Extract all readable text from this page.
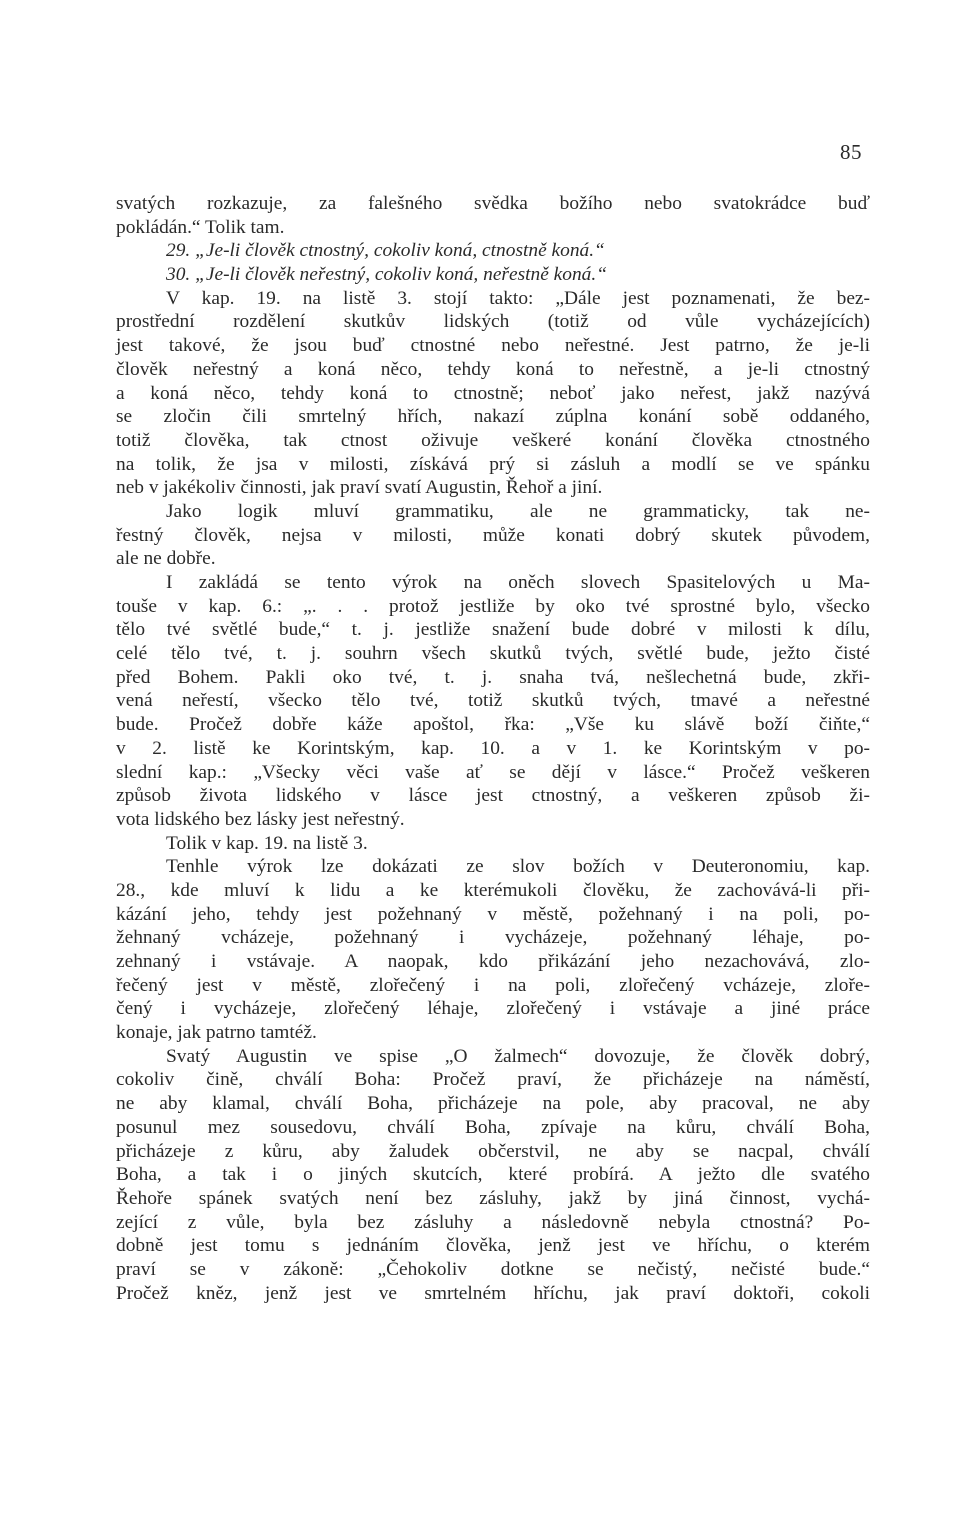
85
svatých rozkazuje, za falešného svědka božího nebo svatokrádce buď
pokládán.“ Tolik tam.
29. „Je-li člověk ctnostný, cokoliv koná, ctnostně koná.“
30. „Je-li člověk neřestný, cokoliv koná, neřestně koná.“
V kap. 19. na listě 3. stojí takto: „Dále jest poznamenati, že bez-
prostřední rozdělení skutkův lidských (totiž od vůle vycházejících)
jest takové, že jsou buď ctnostné nebo neřestné. Jest patrno, že je-li
člověk neřestný a koná něco, tehdy koná to neřestně, a je-li ctnostný
a koná něco, tehdy koná to ctnostně; neboť jako neřest, jakž nazývá
se zločin čili smrtelný hřích, nakazí zúplna konání sobě oddaného,
totiž člověka, tak ctnost oživuje veškeré konání člověka ctnostného
na tolik, že jsa v milosti, získává prý si zásluh a modlí se ve spánku
neb v jakékoliv činnosti, jak praví svatí Augustin, Řehoř a jiní.
Jako logik mluví grammatiku, ale ne grammaticky, tak ne-
řestný člověk, nejsa v milosti, může konati dobrý skutek původem,
ale ne dobře.
I zakládá se tento výrok na oněch slovech Spasitelových u Ma-
touše v kap. 6.: „. . . protož jestliže by oko tvé sprostné bylo, všecko
tělo tvé světlé bude,“ t. j. jestliže snažení bude dobré v milosti k dílu,
celé tělo tvé, t. j. souhrn všech skutků tvých, světlé bude, ježto čisté
před Bohem. Pakli oko tvé, t. j. snaha tvá, nešlechetná bude, zkři-
vená neřestí, všecko tělo tvé, totiž skutků tvých, tmavé a neřestné
bude. Pročež dobře káže apoštol, řka: „Vše ku slávě boží čiňte,“
v 2. listě ke Korintským, kap. 10. a v 1. ke Korintským v po-
slední kap.: „Všecky věci vaše ať se dějí v lásce.“ Pročež veškeren
způsob života lidského v lásce jest ctnostný, a veškeren způsob ži-
vota lidského bez lásky jest neřestný.
Tolik v kap. 19. na listě 3.
Tenhle výrok lze dokázati ze slov božích v Deuteronomiu, kap.
28., kde mluví k lidu a ke kterémukoli člověku, že zachovává-li při-
kázání jeho, tehdy jest požehnaný v městě, požehnaný i na poli, po-
žehnaný vcházeje, požehnaný i vycházeje, požehnaný léhaje, po-
zehnaný i vstávaje. A naopak, kdo přikázání jeho nezachovává, zlo-
řečený jest v městě, zlořečený i na poli, zlořečený vcházeje, zloře-
čený i vycházeje, zlořečený léhaje, zlořečený i vstávaje a jiné práce
konaje, jak patrno tamtéž.
Svatý Augustin ve spise „O žalmech“ dovozuje, že člověk dobrý,
cokoliv čině, chválí Boha: Pročež praví, že přicházeje na náměstí,
ne aby klamal, chválí Boha, přicházeje na pole, aby pracoval, ne aby
posunul mez sousedovu, chválí Boha, zpívaje na kůru, chválí Boha,
přicházeje z kůru, aby žaludek občerstvil, ne aby se nacpal, chválí
Boha, a tak i o jiných skutcích, které probírá. A ježto dle svatého
Řehoře spánek svatých není bez zásluhy, jakž by jiná činnost, vychá-
zející z vůle, byla bez zásluhy a následovně nebyla ctnostná? Po-
dobně jest tomu s jednáním člověka, jenž jest ve hříchu, o kterém
praví se v zákoně: „Čehokoliv dotkne se nečistý, nečisté bude.“
Pročež kněz, jenž jest ve smrtelném hříchu, jak praví doktoři, cokoli
